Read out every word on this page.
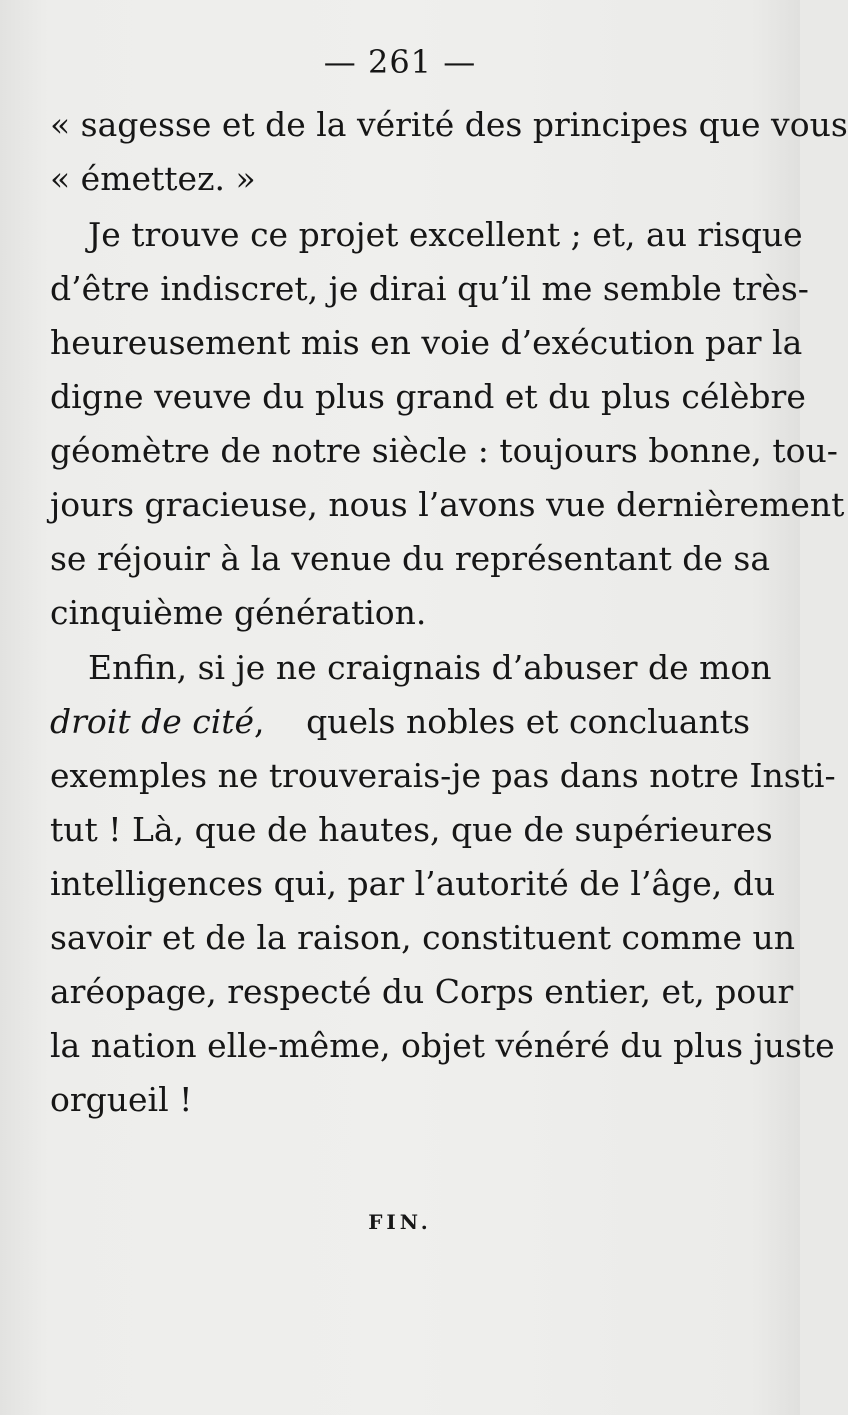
— 261 —
« sagesse et de la vérité des principes que vous
« émettez. »
Je trouve ce projet excellent ; et, au risque
d’être indiscret, je dirai qu’il me semble très-
heureusement mis en voie d’exécution par la
digne veuve du plus grand et du plus célèbre
géomètre de notre siècle : toujours bonne, tou-
jours gracieuse, nous l’avons vue dernièrement
se réjouir à la venue du représentant de sa
cinquième génération.
Enfin, si je ne craignais d’abuser de mon
droit de cité, quels nobles et concluants
exemples ne trouverais-je pas dans notre Insti-
tut ! Là, que de hautes, que de supérieures
intelligences qui, par l’autorité de l’âge, du
savoir et de la raison, constituent comme un
aréopage, respecté du Corps entier, et, pour
la nation elle-même, objet vénéré du plus juste
orgueil !
FIN.
